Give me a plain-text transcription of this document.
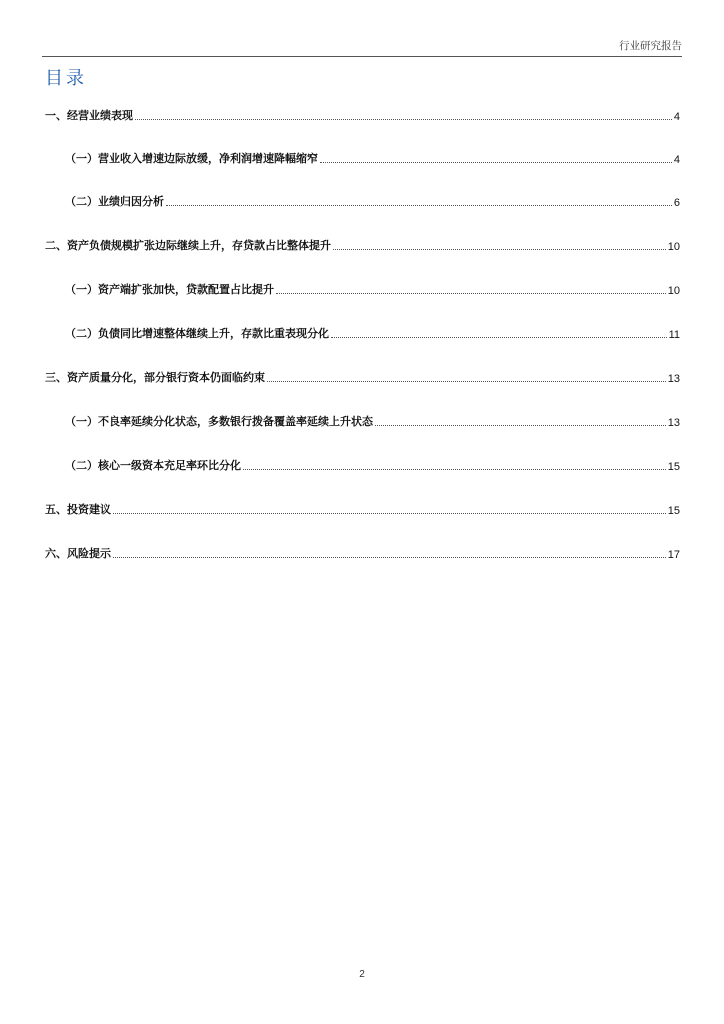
行业研究报告
目录
一、经营业绩表现	4
（一）营业收入增速边际放缓，净利润增速降幅缩窄	4
（二）业绩归因分析	6
二、资产负债规模扩张边际继续上升，存贷款占比整体提升	10
（一）资产端扩张加快，贷款配置占比提升	10
（二）负债同比增速整体继续上升，存款比重表现分化	11
三、资产质量分化，部分银行资本仍面临约束	13
（一）不良率延续分化状态，多数银行拨备覆盖率延续上升状态	13
（二）核心一级资本充足率环比分化	15
五、投资建议	15
六、风险提示	17
2
